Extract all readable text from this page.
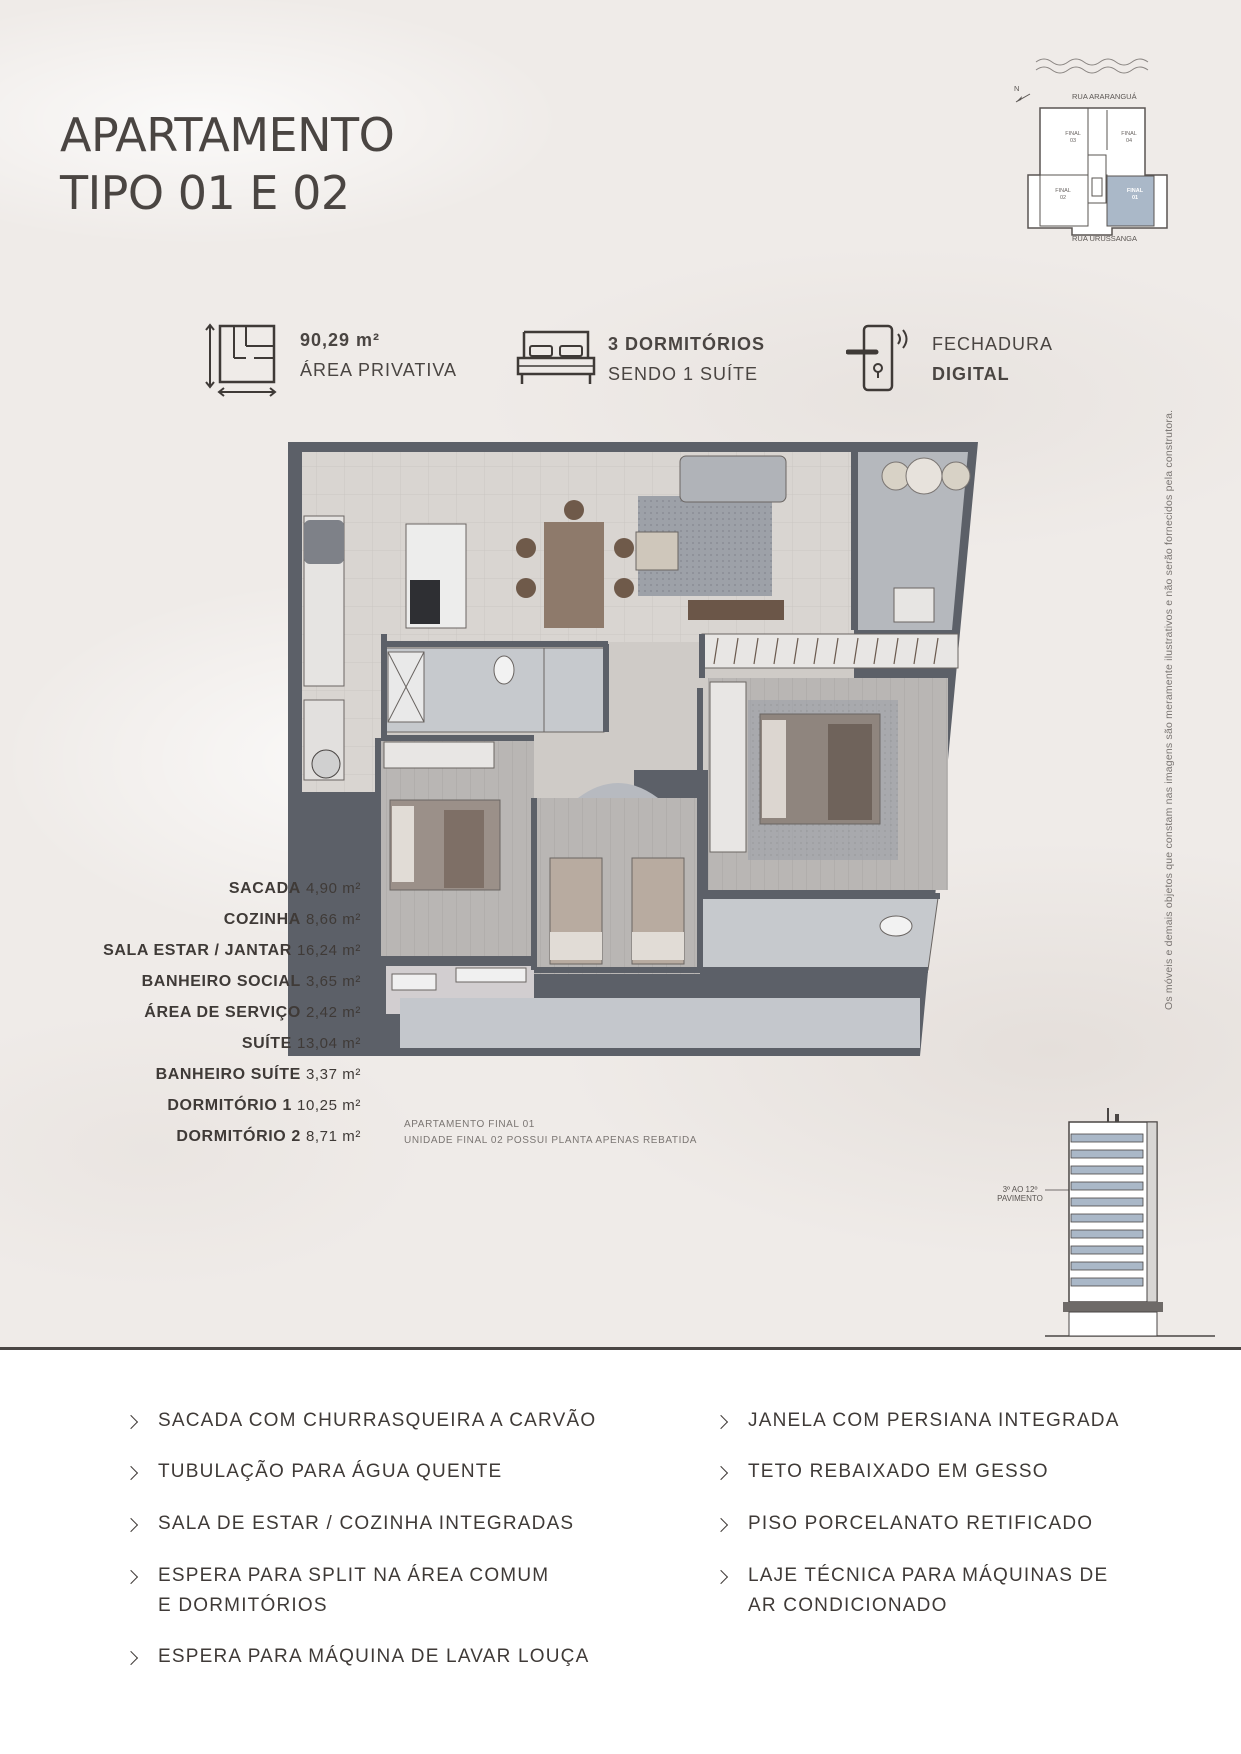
APARTAMENTO
TIPO 01 E 02
RUA ARARANGUÁ
RUA URUSSANGA
N
FINAL
03
FINAL
04
FINAL
02
FINAL
01
90,29 m²
ÁREA PRIVATIVA
3 DORMITÓRIOS
SENDO 1 SUÍTE
FECHADURA
DIGITAL
Os móveis e demais objetos que constam nas imagens são meramente ilustrativos e não serão fornecidos pela construtora.
SACADA 4,90 m²
COZINHA 8,66 m²
SALA ESTAR / JANTAR 16,24 m²
BANHEIRO SOCIAL 3,65 m²
ÁREA DE SERVIÇO 2,42 m²
SUÍTE 13,04 m²
BANHEIRO SUÍTE 3,37 m²
DORMITÓRIO 1 10,25 m²
DORMITÓRIO 2 8,71 m²
APARTAMENTO FINAL 01
UNIDADE FINAL 02 POSSUI PLANTA APENAS REBATIDA
3º AO 12º
PAVIMENTO
SACADA COM CHURRASQUEIRA A CARVÃO
TUBULAÇÃO PARA ÁGUA QUENTE
SALA DE ESTAR / COZINHA INTEGRADAS
ESPERA PARA SPLIT NA ÁREA COMUM
E DORMITÓRIOS
ESPERA PARA MÁQUINA DE LAVAR LOUÇA
JANELA COM PERSIANA INTEGRADA
TETO REBAIXADO EM GESSO
PISO PORCELANATO RETIFICADO
LAJE TÉCNICA PARA MÁQUINAS DE
AR CONDICIONADO
